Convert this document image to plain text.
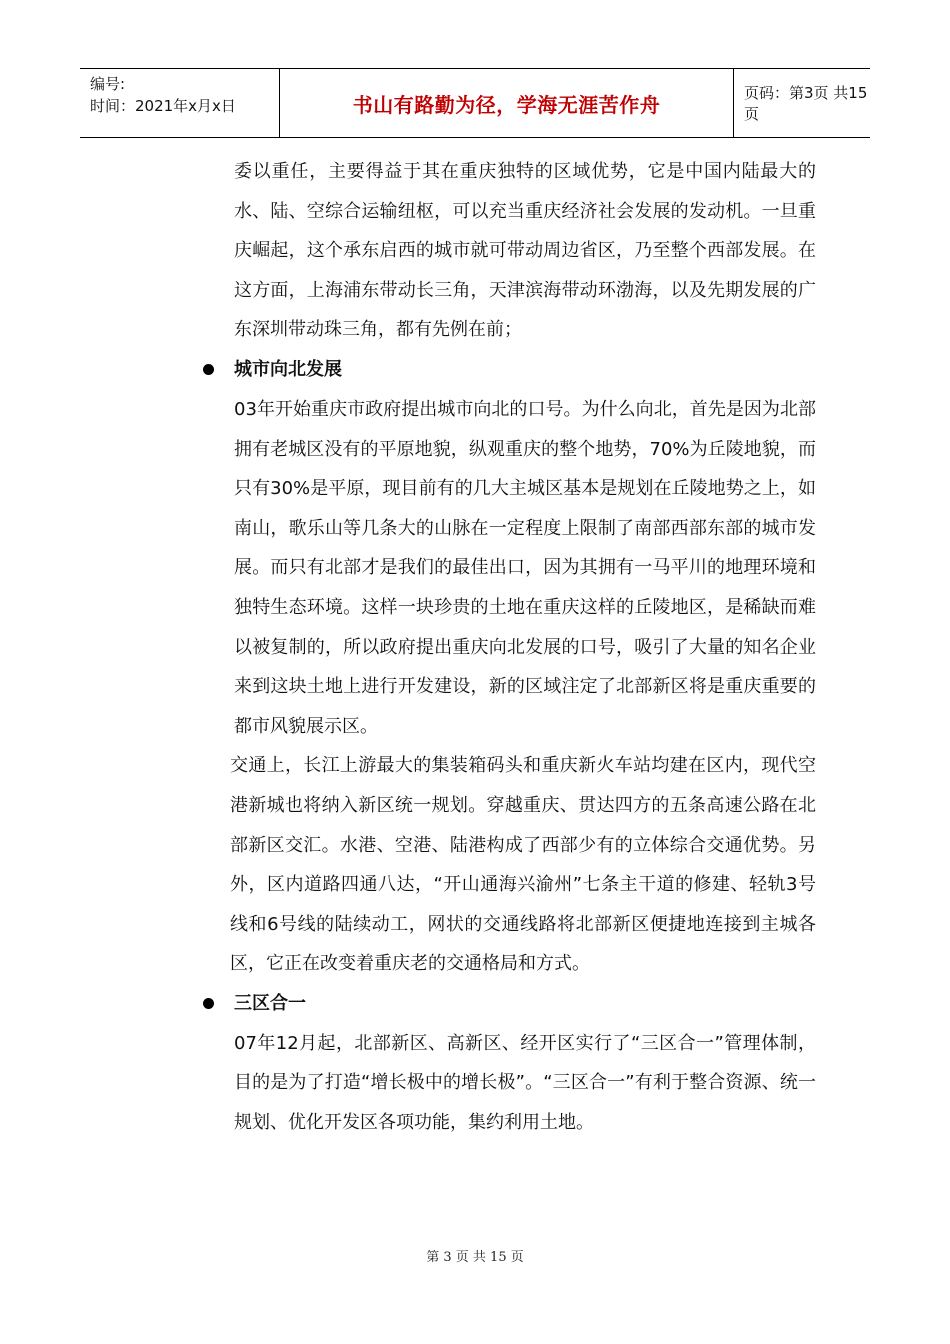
编号:
时间：2021年x月x日	书山有路勤为径，学海无涯苦作舟	页码：第3页 共15页

委以重任，主要得益于其在重庆独特的区域优势，它是中国内陆最大的水、陆、空综合运输纽枢，可以充当重庆经济社会发展的发动机。一旦重庆崛起，这个承东启西的城市就可带动周边省区，乃至整个西部发展。在这方面，上海浦东带动长三角，天津滨海带动环渤海，以及先期发展的广东深圳带动珠三角，都有先例在前；

城市向北发展

03年开始重庆市政府提出城市向北的口号。为什么向北，首先是因为北部拥有老城区没有的平原地貌，纵观重庆的整个地势，70%为丘陵地貌，而只有30%是平原，现目前有的几大主城区基本是规划在丘陵地势之上，如南山，歌乐山等几条大的山脉在一定程度上限制了南部西部东部的城市发展。而只有北部才是我们的最佳出口，因为其拥有一马平川的地理环境和独特生态环境。这样一块珍贵的土地在重庆这样的丘陵地区，是稀缺而难以被复制的，所以政府提出重庆向北发展的口号，吸引了大量的知名企业来到这块土地上进行开发建设，新的区域注定了北部新区将是重庆重要的都市风貌展示区。

交通上，长江上游最大的集装箱码头和重庆新火车站均建在区内，现代空港新城也将纳入新区统一规划。穿越重庆、贯达四方的五条高速公路在北部新区交汇。水港、空港、陆港构成了西部少有的立体综合交通优势。另外，区内道路四通八达，“开山通海兴渝州”七条主干道的修建、轻轨3号线和6号线的陆续动工，网状的交通线路将北部新区便捷地连接到主城各区，它正在改变着重庆老的交通格局和方式。

三区合一

07年12月起，北部新区、高新区、经开区实行了“三区合一”管理体制，目的是为了打造“增长极中的增长极”。“三区合一”有利于整合资源、统一规划、优化开发区各项功能，集约利用土地。

第 3 页 共 15 页
